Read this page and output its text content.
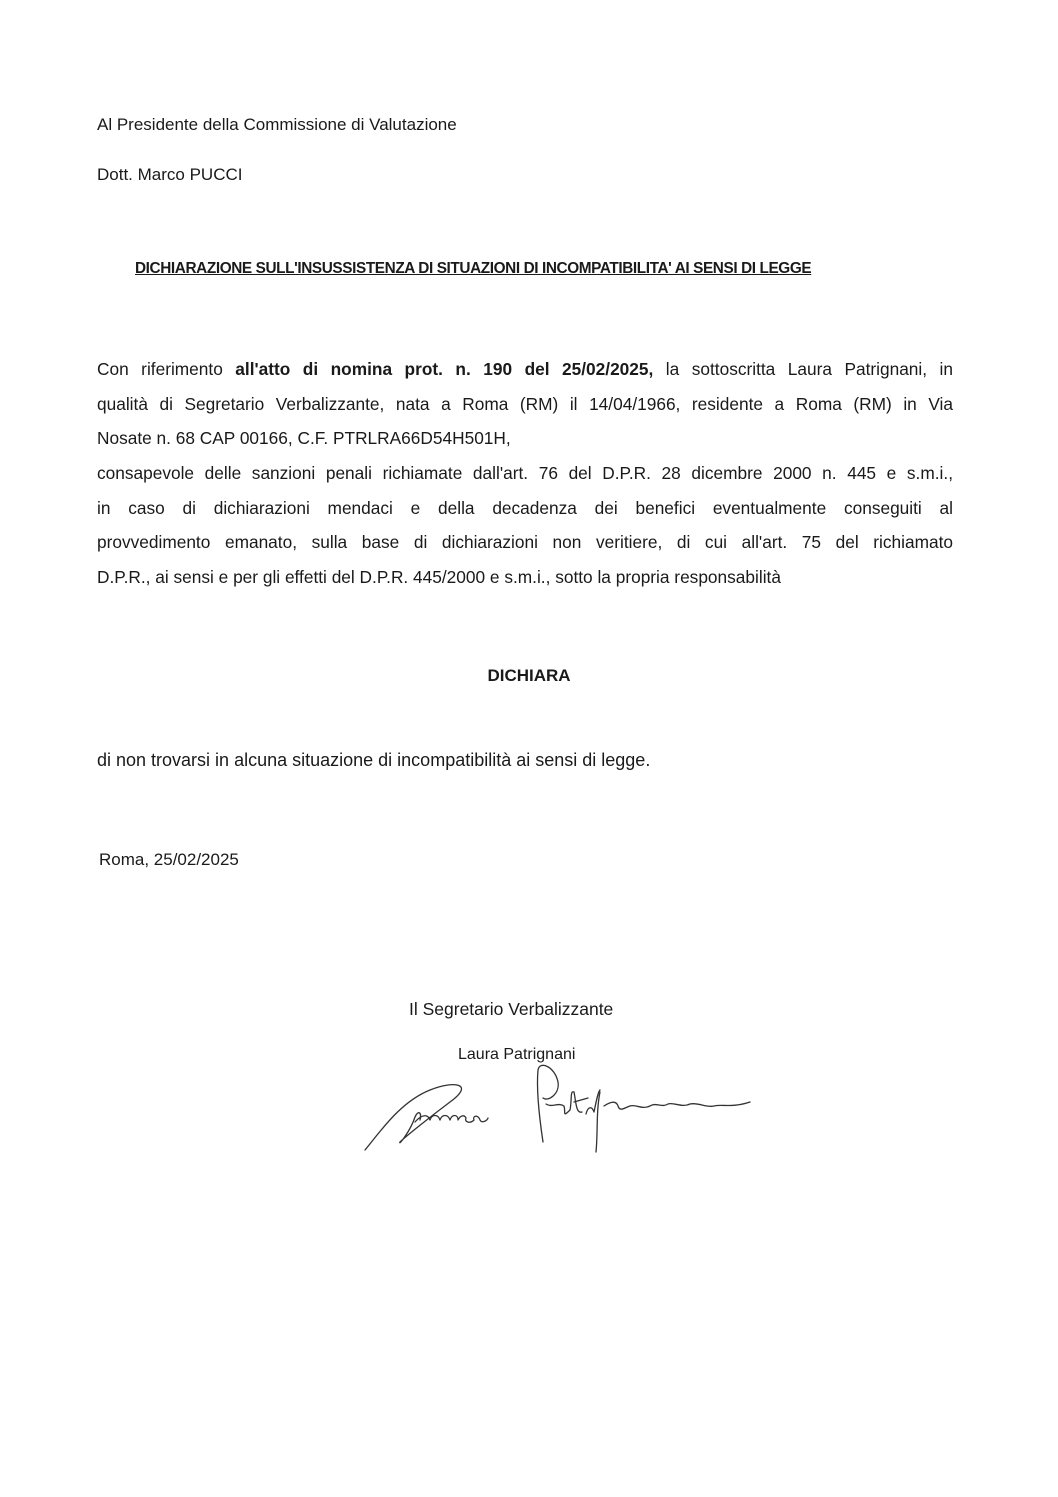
Al Presidente della Commissione di Valutazione
Dott. Marco PUCCI
DICHIARAZIONE SULL'INSUSSISTENZA DI SITUAZIONI DI INCOMPATIBILITA' AI SENSI DI LEGGE
Con riferimento all'atto di nomina prot. n. 190 del 25/02/2025, la sottoscritta Laura Patrignani, in
qualità di Segretario Verbalizzante, nata a Roma (RM) il 14/04/1966, residente a Roma (RM) in Via
Nosate n. 68 CAP 00166, C.F. PTRLRA66D54H501H,
consapevole delle sanzioni penali richiamate dall'art. 76 del D.P.R. 28 dicembre 2000 n. 445 e s.m.i.,
in caso di dichiarazioni mendaci e della decadenza dei benefici eventualmente conseguiti al
provvedimento emanato, sulla base di dichiarazioni non veritiere, di cui all'art. 75 del richiamato
D.P.R., ai sensi e per gli effetti del D.P.R. 445/2000 e s.m.i., sotto la propria responsabilità
DICHIARA
di non trovarsi in alcuna situazione di incompatibilità ai sensi di legge.
Roma, 25/02/2025
Il Segretario Verbalizzante
Laura Patrignani
